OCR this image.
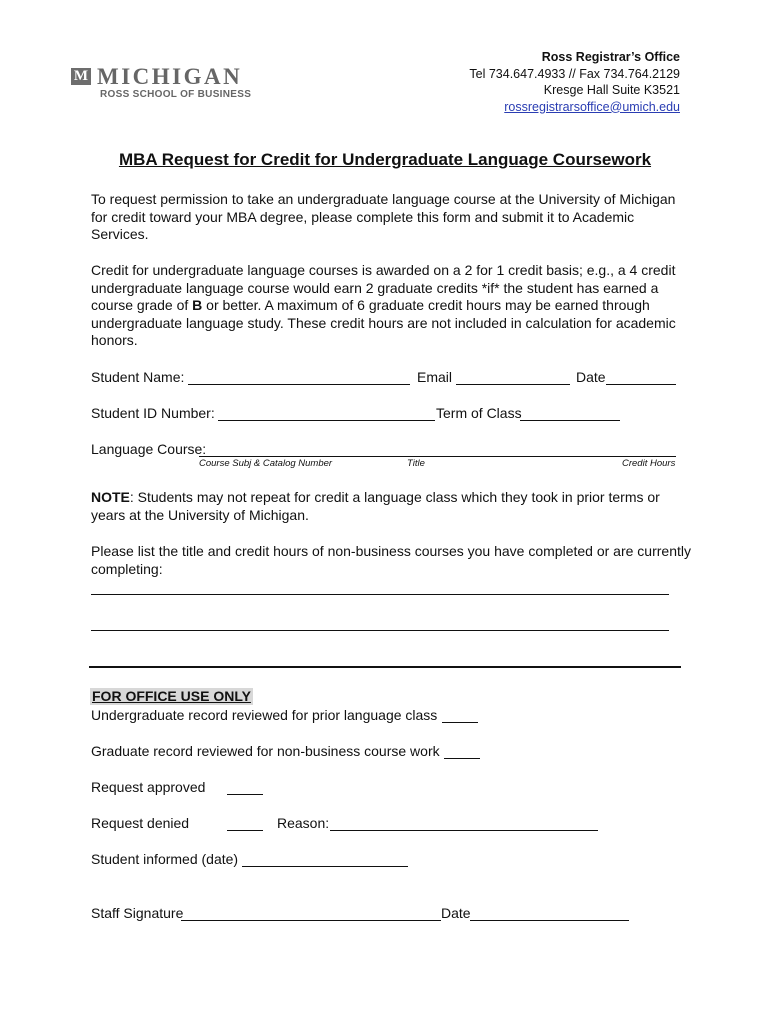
M MICHIGAN
ROSS SCHOOL OF BUSINESS
Ross Registrar’s Office
Tel 734.647.4933 // Fax 734.764.2129
Kresge Hall Suite K3521
rossregistrarsoffice@umich.edu
MBA Request for Credit for Undergraduate Language Coursework
To request permission to take an undergraduate language course at the University of Michigan for credit toward your MBA degree, please complete this form and submit it to Academic Services.
Credit for undergraduate language courses is awarded on a 2 for 1 credit basis; e.g., a 4 credit undergraduate language course would earn 2 graduate credits *if* the student has earned a course grade of B or better. A maximum of 6 graduate credit hours may be earned through undergraduate language study. These credit hours are not included in calculation for academic honors.
Student Name:	Email	Date
Student ID Number:	Term of Class
Language Course:
Course Subj & Catalog Number	Title	Credit Hours
NOTE: Students may not repeat for credit a language class which they took in prior terms or years at the University of Michigan.
Please list the title and credit hours of non-business courses you have completed or are currently completing:
FOR OFFICE USE ONLY
Undergraduate record reviewed for prior language class
Graduate record reviewed for non-business course work
Request approved
Request denied	Reason:
Student informed (date)
Staff Signature	Date
